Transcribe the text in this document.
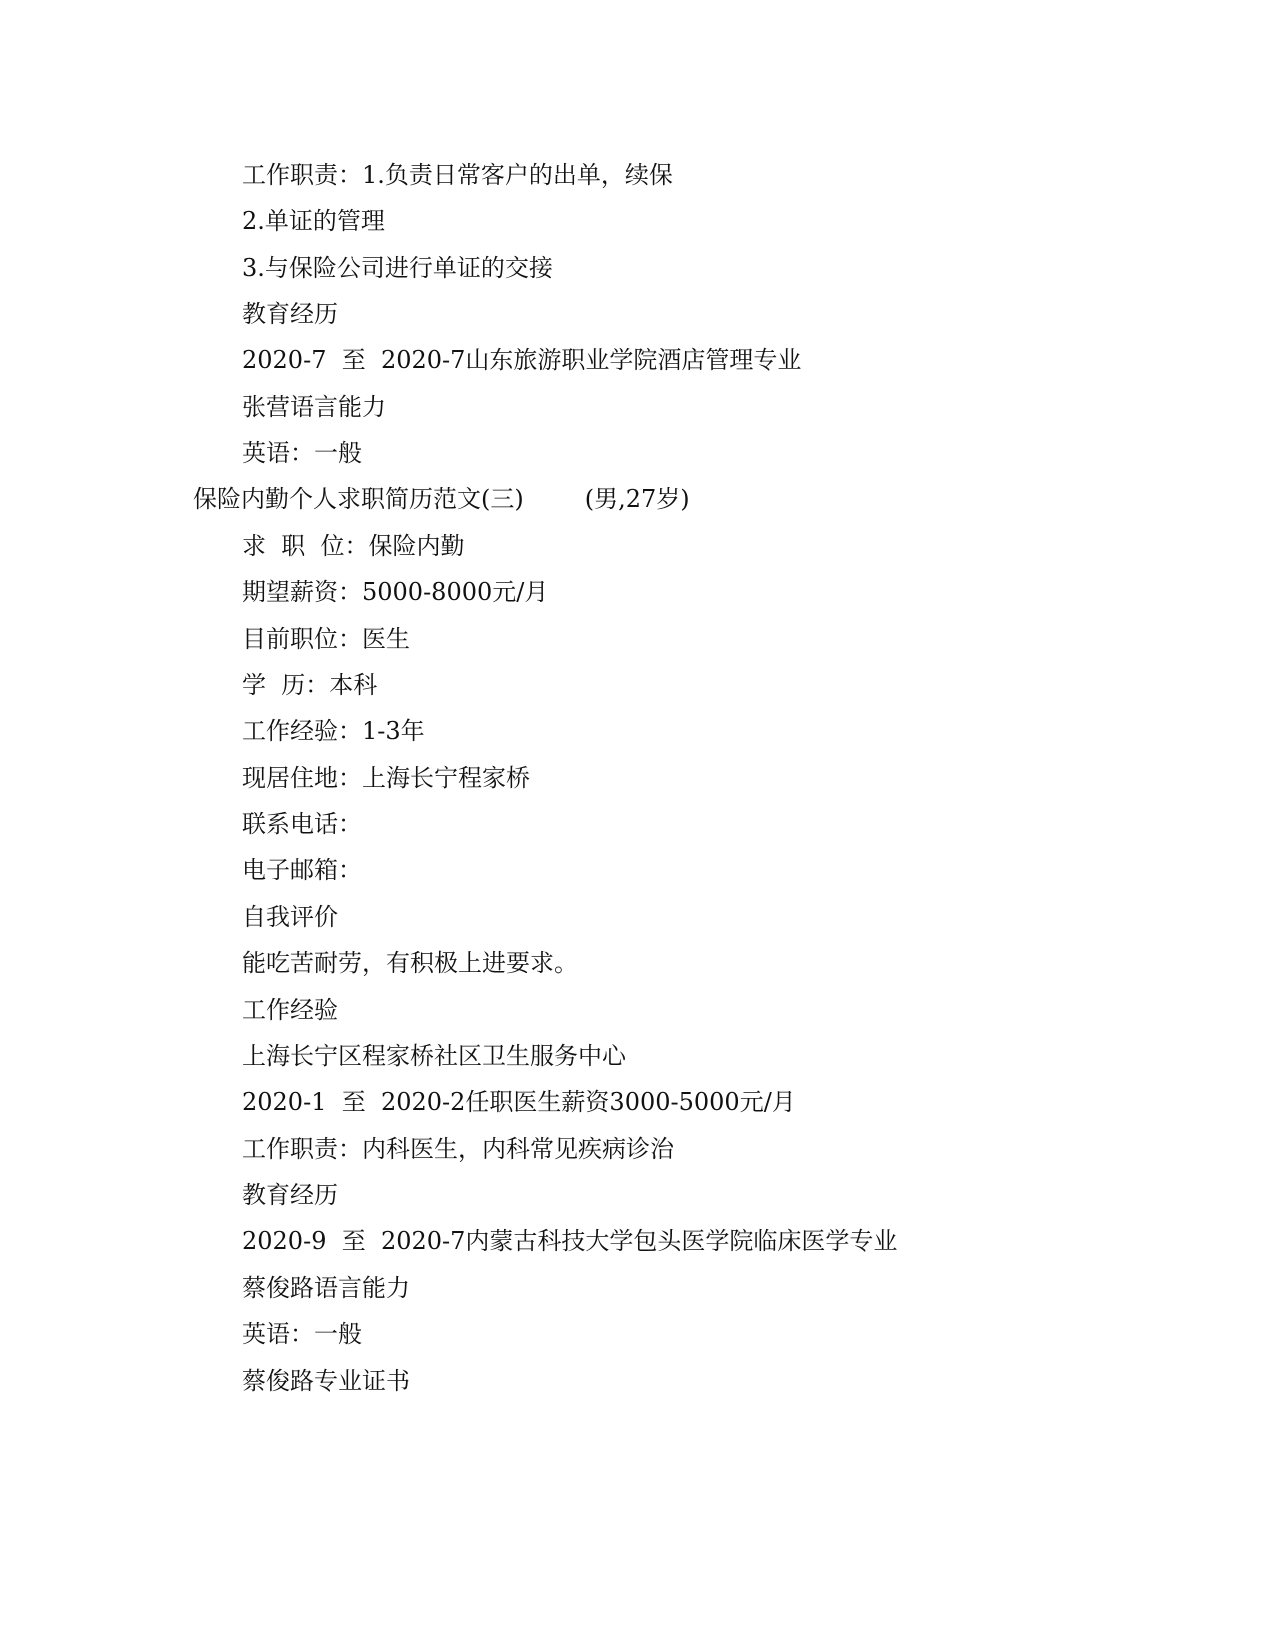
工作职责：1.负责日常客户的出单，续保
2.单证的管理
3.与保险公司进行单证的交接
教育经历
2020-7  至  2020-7山东旅游职业学院酒店管理专业
张营语言能力
英语：一般
保险内勤个人求职简历范文(三)        (男,27岁)
求  职  位：保险内勤
期望薪资：5000-8000元/月
目前职位：医生
学  历：本科
工作经验：1-3年
现居住地：上海长宁程家桥
联系电话：
电子邮箱：
自我评价
能吃苦耐劳，有积极上进要求。
工作经验
上海长宁区程家桥社区卫生服务中心
2020-1  至  2020-2任职医生薪资3000-5000元/月
工作职责：内科医生，内科常见疾病诊治
教育经历
2020-9  至  2020-7内蒙古科技大学包头医学院临床医学专业
蔡俊路语言能力
英语：一般
蔡俊路专业证书
